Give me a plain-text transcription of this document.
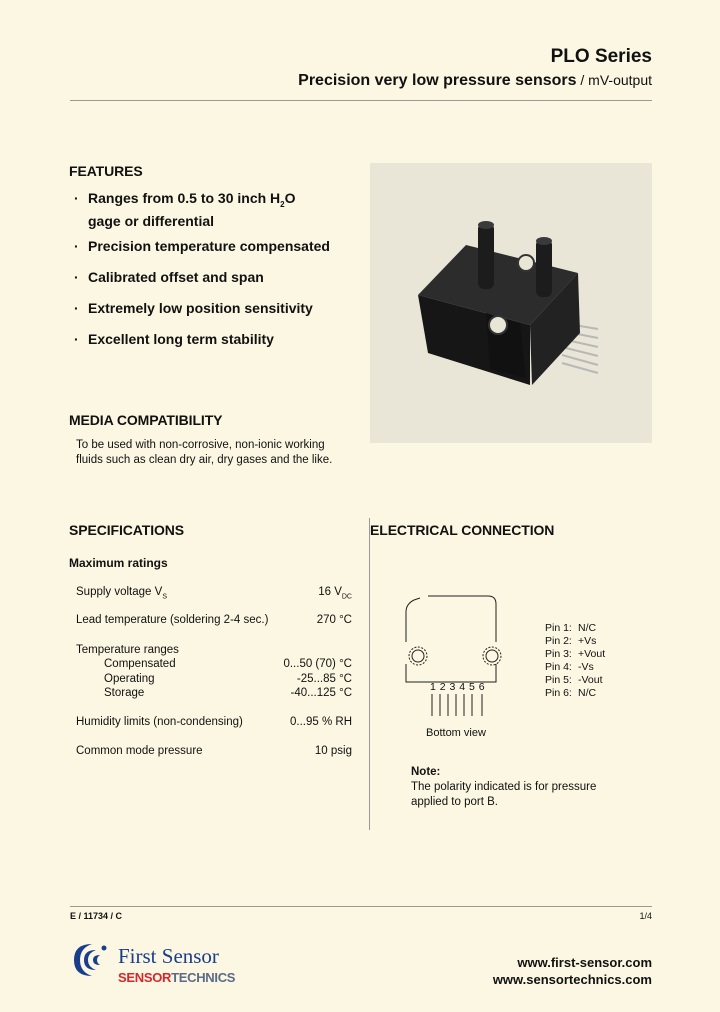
PLO Series
Precision very low pressure sensors / mV-output
FEATURES
· Ranges from 0.5 to 30 inch $H_2O$
gage or differential
· Precision temperature compensated
· Calibrated offset and span
· Extremely low position sensitivity
· Excellent long term stability
MEDIA COMPATIBILITY
To be used with non-corrosive, non-ionic working
fluids such as clean dry air, dry gases and the like.
SPECIFICATIONS
Maximum ratings
Supply voltage $V_S$	16 $V_{DC}$
Lead temperature (soldering 2-4 sec.)	270 °C
Temperature ranges
Compensated	0...50 (70) °C
Operating	-25...85 °C
Storage	-40...125 °C
Humidity limits (non-condensing)	0...95 % RH
Common mode pressure	10 psig
ELECTRICAL CONNECTION
1 2 3 4 5 6
Bottom view
Pin 1: N/C
Pin 2: +Vs
Pin 3: +Vout
Pin 4: -Vs
Pin 5: -Vout
Pin 6: N/C
Note:
The polarity indicated is for pressure
applied to port B.
E / 11734 / C	1/4
First Sensor
SENSORTECHNICS
www.first-sensor.com
www.sensortechnics.com
